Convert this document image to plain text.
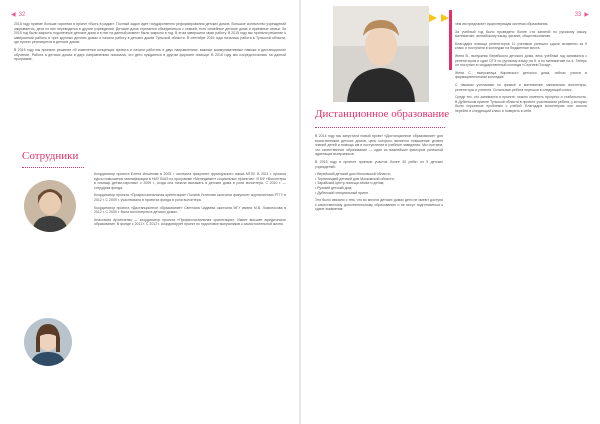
◀ 32

2015 году приеме больше гарантии в проект «Быть в радии». Полный задон идет государственно реформирования детских домов, большое количество учреждений закрывается, дети из них переводятся в другие учреждения. Детские дома стремятся объединиться с семьей, есть семейные детские дома и приемные семьи. За 2015 год были закрыты подопечные детские дома и в них на данный момент были закрыты в год. В этом завершили свою работу. В 2015 году мы приняли решение о завершении работы в трех крупных детских домах и начали работу в детских домах Тульской области. В сентябре 2015 года началась работа в Тульской области, где проект реализуется в детских домах.

В 2015 году мы приняли решение об изменении концепции проекта и начали работать в двух направлениях: важные коммуникативные навыки и дистанционное обучение. Работа в детских домах в двух направлениях показала, что дети нуждаются в другом формате помощи. В 2016 году мы сосредоточились на данной программе.

Сотрудники

Координатор проекта Елена Ильинова в 2005 г. окончила факультет французского языка МГЛУ. В 2011 г. прошла курсы повышения квалификации в НИУ ВШЭ по программе «Менеджмент социальных проектов». В БФ «Волонтеры в помощь детям-сиротам» с 2009 г., когда она начала выезжать в детские дома в роли волонтера. С 2010 г. — сотрудник фонда.

Координатор проекта «Профессиональная ориентация» Полина Устинова окончила факультет журналистики РГГУ в 2012 г. С 2009 г. участвовала в проектах фонда в роли волонтера.

Координатор проекта «Дистанционное образование» Светлана Чадаева окончила МГУ имени М.В. Ломоносова в 2012 г. С 2009 г. была волонтером в детских домах.

Анастасия Архипченко — координатор проекта «Профессиональная ориентация». Имеет высшее юридическое образование. В фонде с 2011 г. С 2012 г. координирует проект по подготовке выпускников к самостоятельной жизни.

33 ▶
Дистанционное образование

В 2014 году мы запустили новый проект «Дистанционное образование» для воспитанников детских домов, цель которого является повышение уровня знаний детей и помощь им в поступлении в учебные заведения. Мы считаем, что качественное образование — один из важнейших факторов успешной адаптации выпускников.

В 2015 году в проекте приняли участие более 30 ребят из 5 детских учреждений:

• Верейский детский дом Московской области;
• Терпилицкий детский дом Московской области;
• Зарайский центр помощи семье и детям;
• Рузский детский дом;
• Дубенский специальный приют.

Это было связано с тем, что во многих детских домах дети не имеют доступа к качественному дополнительному образованию и не могут подготовиться к сдаче экзаменов.

чем им предлагает существующая система образования.

За учебный год было проведено более ста занятий по русскому языку, математике, английскому языку, физике, обществознанию.

Благодаря помощи репетиторов 11 учеников успешно сдали экзамены за 9 класс и поступили в колледжи на бюджетные места.

Женя В., выпускник Верейского детского дома, весь учебный год занимался с репетитором и сдал ОГЭ по русскому языку на 5, а по математике на 4. Теперь он поступил в государственный колледж «Сергиев Посад».

Женя С., выпускница Кировского детского дома, сейчас учится в фармацевтическом колледже.

С нашими учениками по физике и математике занимались волонтеры, репетиторы и учителя. Остальные ребята перешли в следующий класс.

Среди тех, кто занимался в проекте, можно отметить прогресс и стабильность. В Дубенском приюте Тульской области в проекте участвовали ребята, у которых были серьезные проблемы с учебой. Благодаря волонтерам они смогли перейти в следующий класс и поверить в себя.
